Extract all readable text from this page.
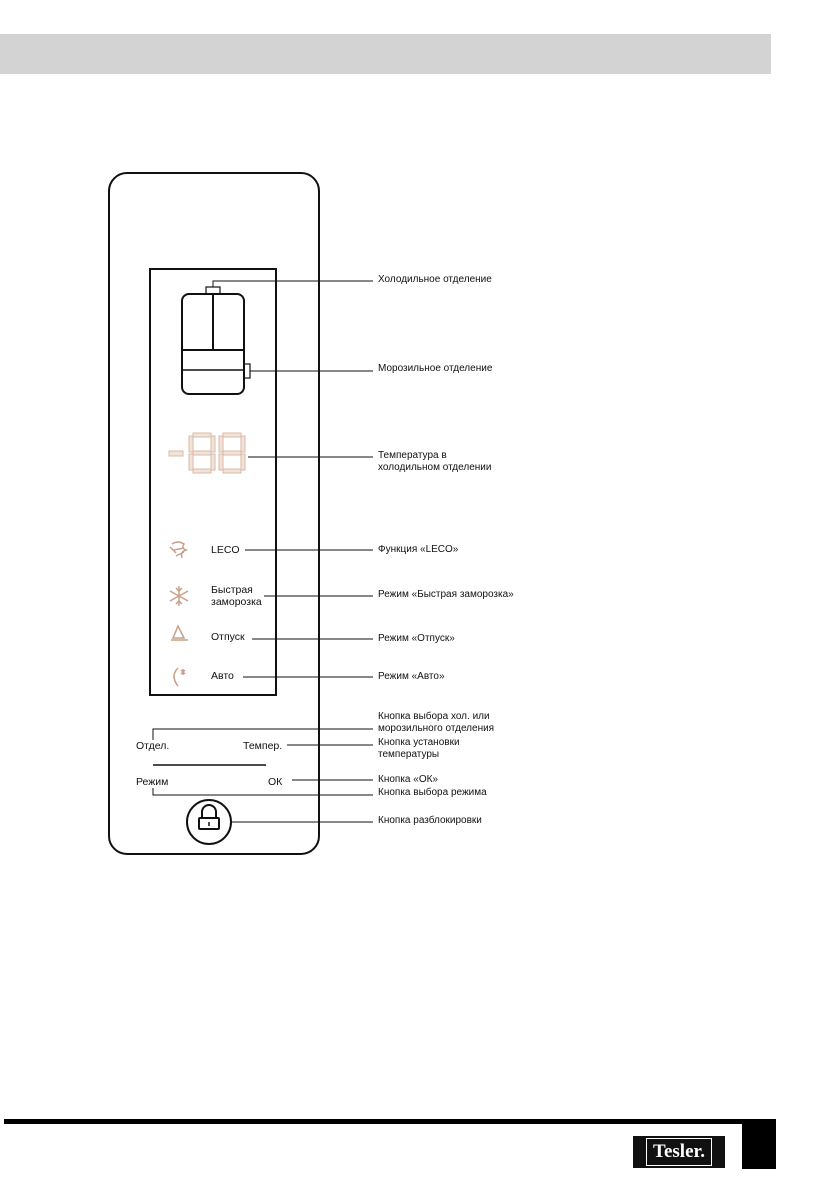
LECO
Быстрая
заморозка
Отпуск
Авто
Отдел.	Темпер.
Режим	ОК
Холодильное отделение
Морозильное отделение
Температура в
холодильном отделении
Функция «LECO»
Режим «Быстрая заморозка»
Режим «Отпуск»
Режим «Авто»
Кнопка выбора хол. или
морозильного отделения
Кнопка установки
температуры
Кнопка «ОК»
Кнопка выбора режима
Кнопка разблокировки
Tesler.
